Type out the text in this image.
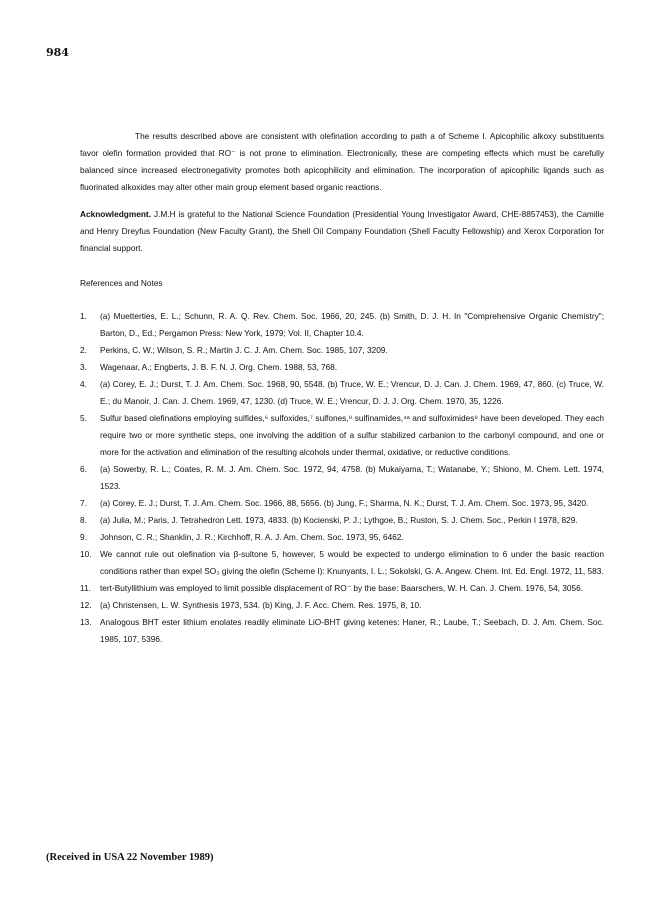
984

The results described above are consistent with olefination according to path a of Scheme I. Apicophilic alkoxy substituents favor olefin formation provided that RO⁻ is not prone to elimination. Electronically, these are competing effects which must be carefully balanced since increased electronegativity promotes both apicophilicity and elimination. The incorporation of apicophilic ligands such as fluorinated alkoxides may alter other main group element based organic reactions.

Acknowledgment. J.M.H is grateful to the National Science Foundation (Presidential Young Investigator Award, CHE-8857453), the Camille and Henry Dreyfus Foundation (New Faculty Grant), the Shell Oil Company Foundation (Shell Faculty Fellowship) and Xerox Corporation for financial support.
References and Notes
1.	(a) Muetterties, E. L.; Schunn, R. A. Q. Rev. Chem. Soc. 1966, 20, 245. (b) Smith, D. J. H. In "Comprehensive Organic Chemistry"; Barton, D., Ed.; Pergamon Press: New York, 1979; Vol. II, Chapter 10.4.
2.	Perkins, C. W.; Wilson, S. R.; Martin J. C. J. Am. Chem. Soc. 1985, 107, 3209.
3.	Wagenaar, A.; Engberts, J. B. F. N. J. Org. Chem. 1988, 53, 768.
4.	(a) Corey, E. J.; Durst, T. J. Am. Chem. Soc. 1968, 90, 5548. (b) Truce, W. E.; Vrencur, D. J. Can. J. Chem. 1969, 47, 860. (c) Truce, W. E.; du Manoir, J. Can. J. Chem. 1969, 47, 1230. (d) Truce, W. E.; Vrencur, D. J. J. Org. Chem. 1970, 35, 1226.
5.	Sulfur based olefinations employing sulfides,⁶ sulfoxides,⁷ sulfones,⁸ sulfinamides,⁴ᵃ and sulfoximides⁹ have been developed. They each require two or more synthetic steps, one involving the addition of a sulfur stabilized carbanion to the carbonyl compound, and one or more for the activation and elimination of the resulting alcohols under thermal, oxidative, or reductive conditions.
6.	(a) Sowerby, R. L.; Coates, R. M. J. Am. Chem. Soc. 1972, 94, 4758. (b) Mukaiyama, T.; Watanabe, Y.; Shiono, M. Chem. Lett. 1974, 1523.
7.	(a) Corey, E. J.; Durst, T. J. Am. Chem. Soc. 1966, 88, 5656. (b) Jung, F.; Sharma, N. K.; Durst, T. J. Am. Chem. Soc. 1973, 95, 3420.
8.	(a) Julia, M.; Paris, J. Tetrahedron Lett. 1973, 4833. (b) Kocienski, P. J.; Lythgoe, B.; Ruston, S. J. Chem. Soc., Perkin I 1978, 829.
9.	Johnson, C. R.; Shanklin, J. R.; Kirchhoff, R. A. J. Am. Chem. Soc. 1973, 95, 6462.
10.	We cannot rule out olefination via β-sultone 5, however, 5 would be expected to undergo elimination to 6 under the basic reaction conditions rather than expel SO₃ giving the olefin (Scheme I): Knunyants, I. L.; Sokolski, G. A. Angew. Chem. Int. Ed. Engl. 1972, 11, 583.
11.	tert-Butyllithium was employed to limit possible displacement of RO⁻ by the base: Baarschers, W. H. Can. J. Chem. 1976, 54, 3056.
12.	(a) Christensen, L. W. Synthesis 1973, 534. (b) King, J. F. Acc. Chem. Res. 1975, 8, 10.
13.	Analogous BHT ester lithium enolates readily eliminate LiO-BHT giving ketenes: Haner, R.; Laube, T.; Seebach, D. J. Am. Chem. Soc. 1985, 107, 5396.
(Received in USA 22 November 1989)
